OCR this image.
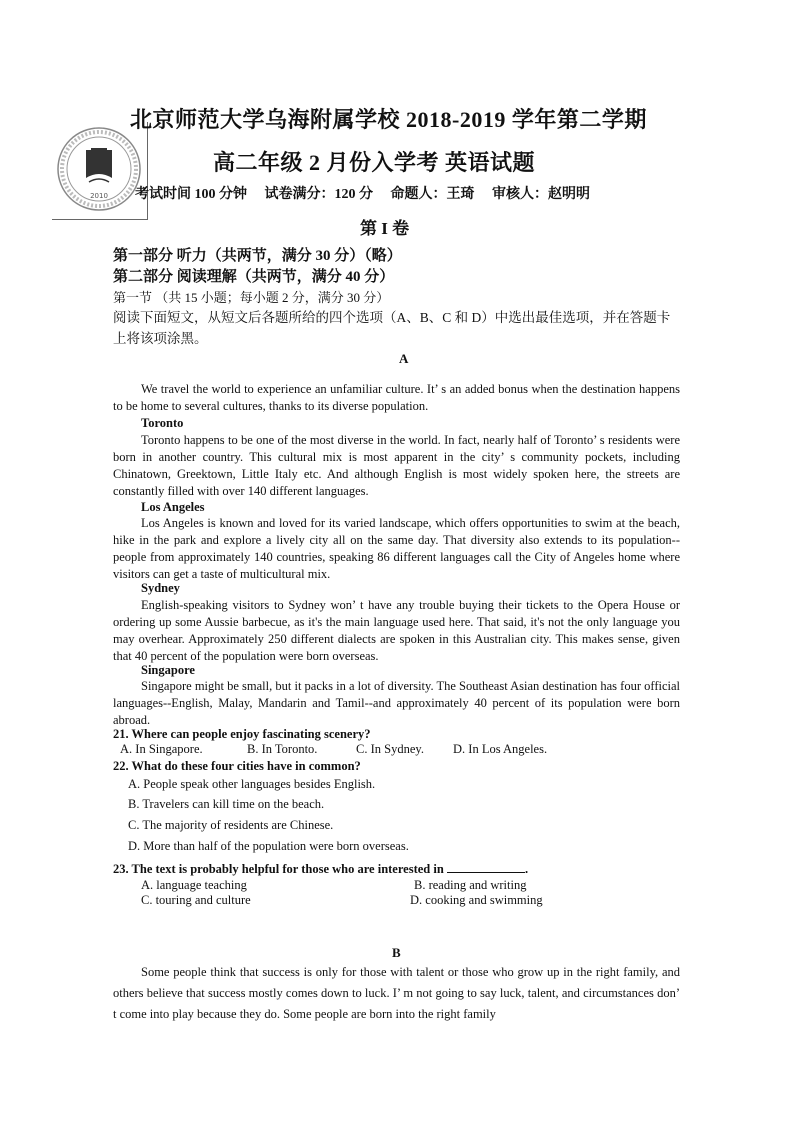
2010
北京师范大学乌海附属学校 2018-2019 学年第二学期
高二年级 2 月份入学考 英语试题
考试时间 100 分钟 试卷满分：120 分 命题人：王琦 审核人：赵明明
第 I 卷
第一部分 听力（共两节，满分 30 分）（略）
第二部分 阅读理解（共两节，满分 40 分）
第一节 （共 15 小题；每小题 2 分，满分 30 分）
阅读下面短文，从短文后各题所给的四个选项（A、B、C 和 D）中选出最佳选项，并在答题卡上将该项涂黑。
A
We travel the world to experience an unfamiliar culture. It’ s an added bonus when the destination happens to be home to several cultures, thanks to its diverse population.
Toronto
Toronto happens to be one of the most diverse in the world. In fact, nearly half of Toronto’ s residents were born in another country. This cultural mix is most apparent in the city’ s community pockets, including Chinatown, Greektown, Little Italy etc. And although English is most widely spoken here, the streets are constantly filled with over 140 different languages.
Los Angeles
Los Angeles is known and loved for its varied landscape, which offers opportunities to swim at the beach, hike in the park and explore a lively city all on the same day. That diversity also extends to its population--people from approximately 140 countries, speaking 86 different languages call the City of Angeles home where visitors can get a taste of multicultural mix.
Sydney
English-speaking visitors to Sydney won’ t have any trouble buying their tickets to the Opera House or ordering up some Aussie barbecue, as it's the main language used here. That said, it's not the only language you may overhear. Approximately 250 different dialects are spoken in this Australian city. This makes sense, given that 40 percent of the population were born overseas.
Singapore
Singapore might be small, but it packs in a lot of diversity. The Southeast Asian destination has four official languages--English, Malay, Mandarin and Tamil--and approximately 40 percent of its population were born abroad.
21. Where can people enjoy fascinating scenery?
A. In Singapore.	B. In Toronto.	C. In Sydney. D. In Los Angeles.
22. What do these four cities have in common?
A. People speak other languages besides English.
B. Travelers can kill time on the beach.
C. The majority of residents are Chinese.
D. More than half of the population were born overseas.
23. The text is probably helpful for those who are interested in	.
A. language teaching	B. reading and writing
C. touring and culture	D. cooking and swimming
B
Some people think that success is only for those with talent or those who grow up in the right family, and others believe that success mostly comes down to luck. I’ m not going to say luck, talent, and circumstances don’ t come into play because they do. Some people are born into the right family
